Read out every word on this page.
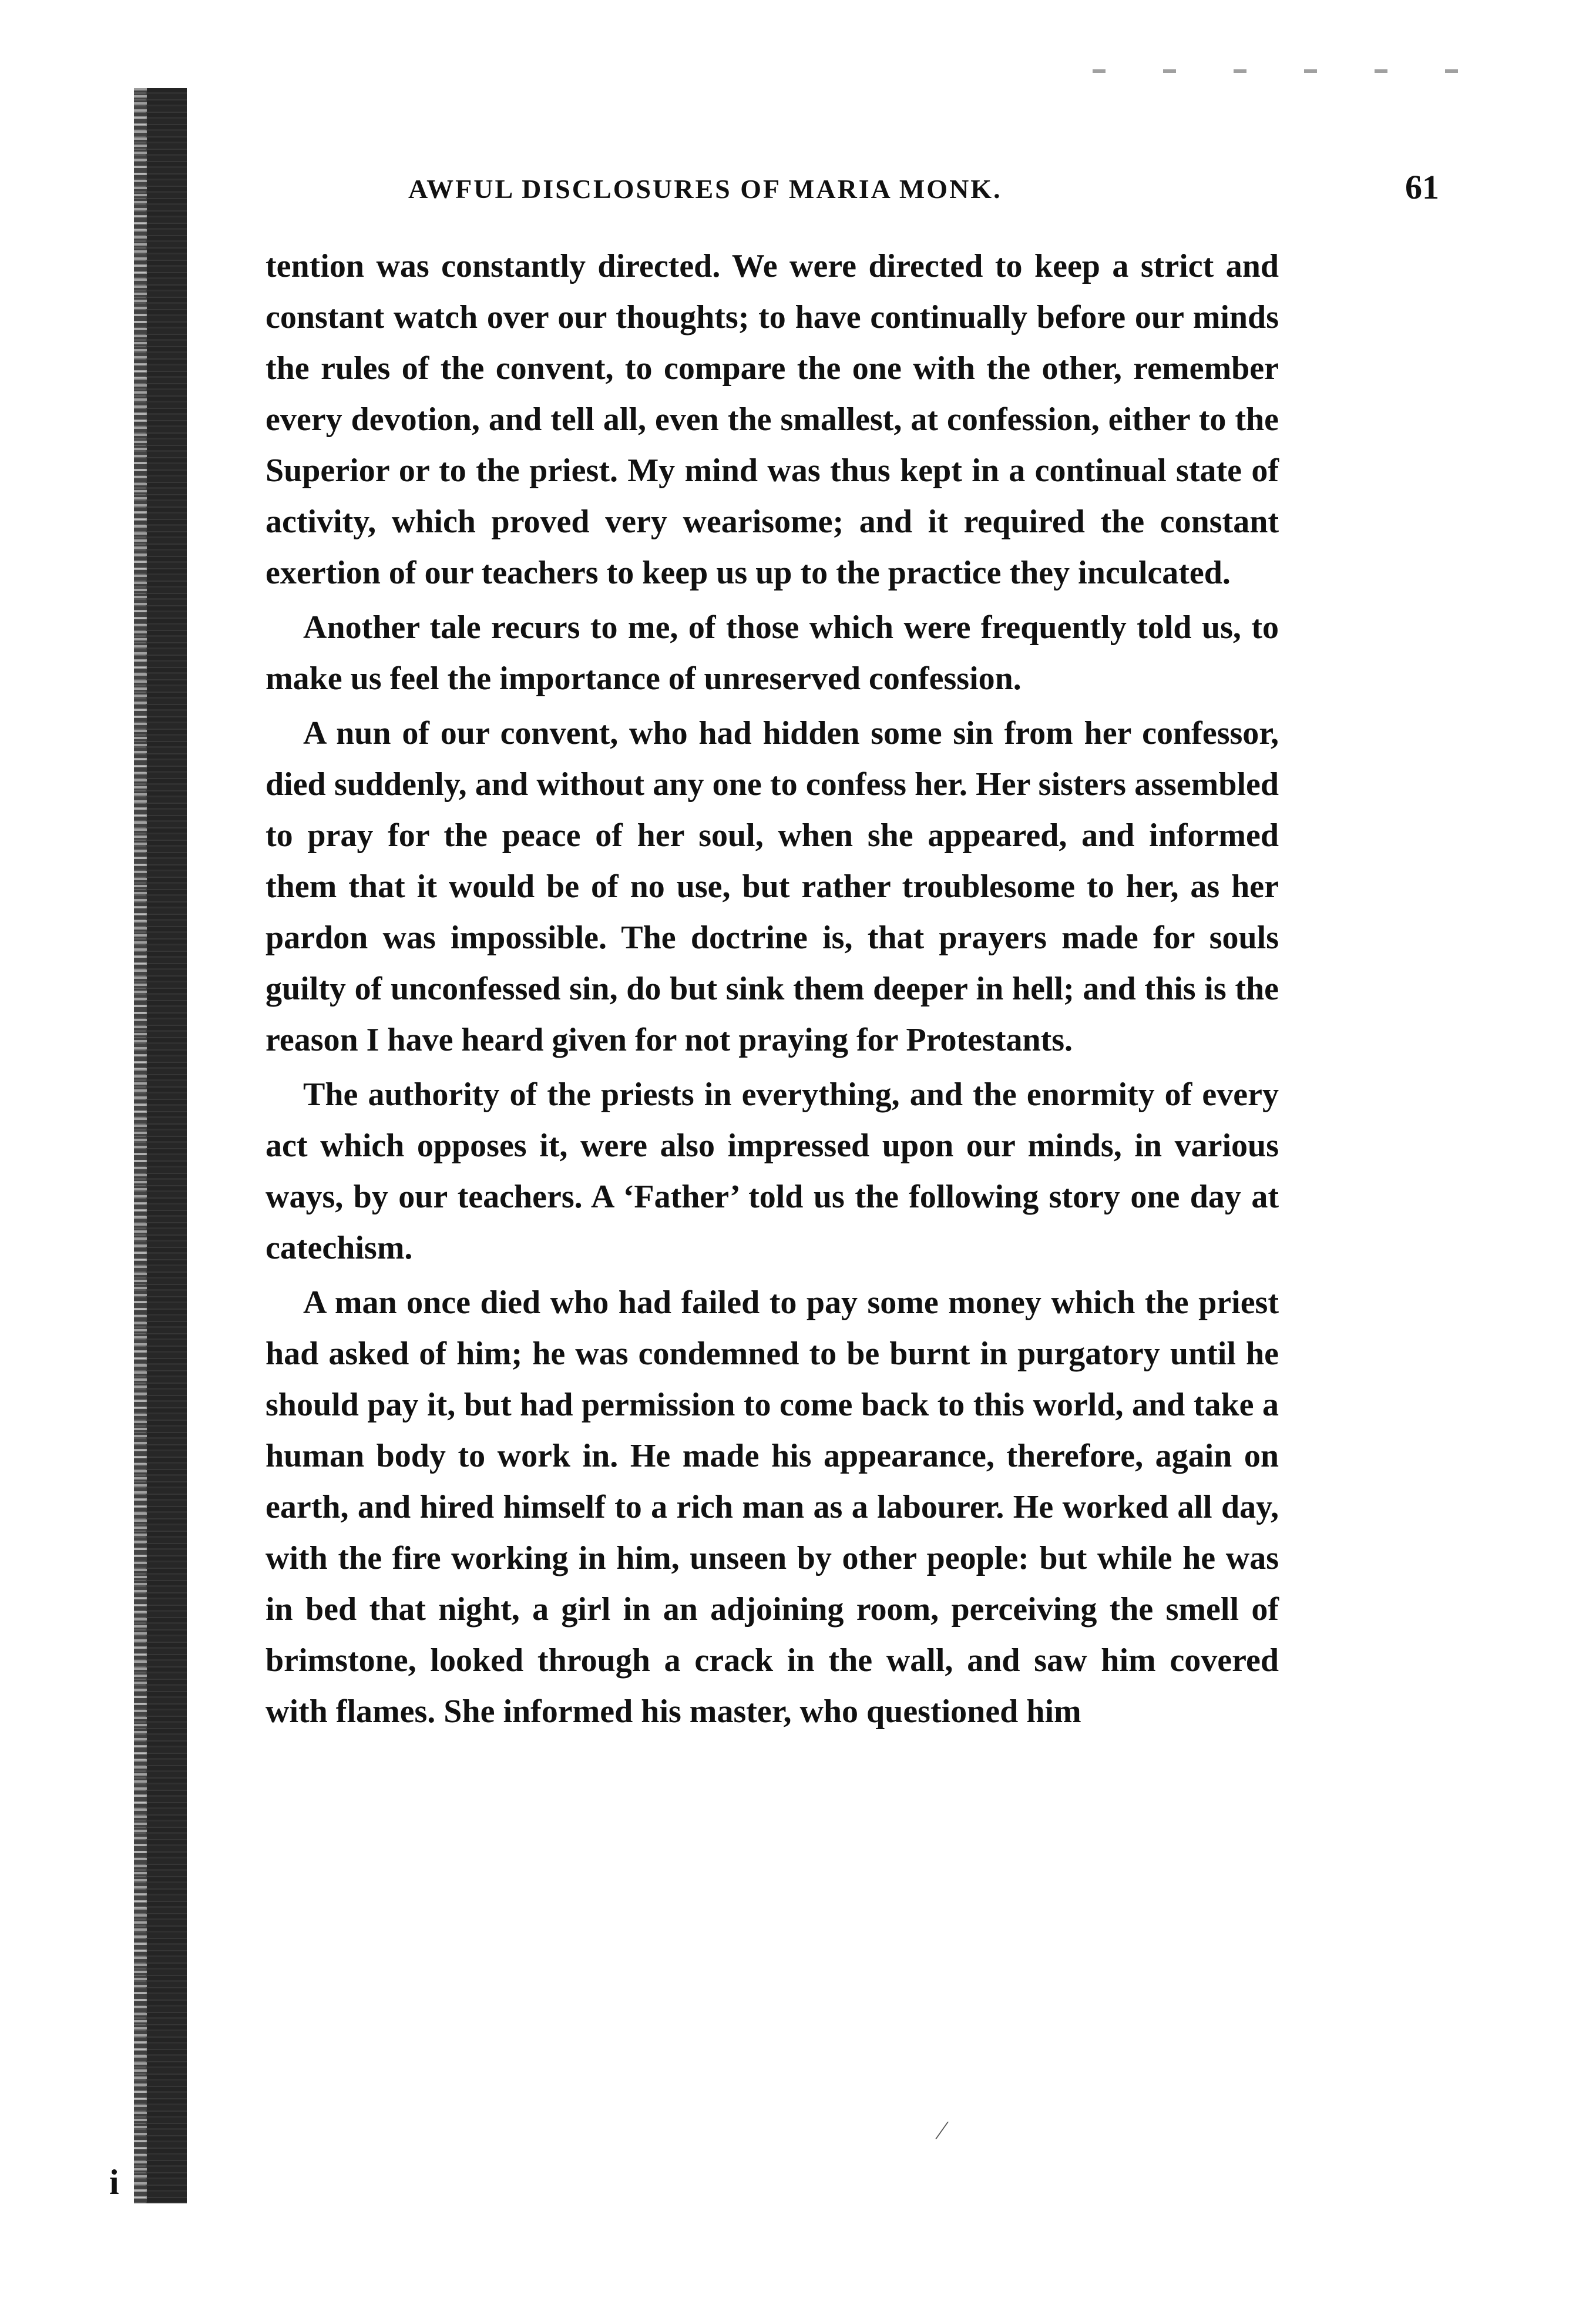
AWFUL DISCLOSURES OF MARIA MONK.	61

tention was constantly directed. We were directed to keep a strict and constant watch over our thoughts; to have continually before our minds the rules of the convent, to compare the one with the other, remember every devotion, and tell all, even the smallest, at confession, either to the Superior or to the priest. My mind was thus kept in a continual state of activity, which proved very wearisome; and it required the constant exertion of our teachers to keep us up to the practice they inculcated.

Another tale recurs to me, of those which were frequently told us, to make us feel the importance of unreserved confession.

A nun of our convent, who had hidden some sin from her confessor, died suddenly, and without any one to confess her. Her sisters assembled to pray for the peace of her soul, when she appeared, and informed them that it would be of no use, but rather troublesome to her, as her pardon was impossible. The doctrine is, that prayers made for souls guilty of unconfessed sin, do but sink them deeper in hell; and this is the reason I have heard given for not praying for Protestants.

The authority of the priests in everything, and the enormity of every act which opposes it, were also impressed upon our minds, in various ways, by our teachers. A ‘Father’ told us the following story one day at catechism.

A man once died who had failed to pay some money which the priest had asked of him; he was condemned to be burnt in purgatory until he should pay it, but had permission to come back to this world, and take a human body to work in. He made his appearance, therefore, again on earth, and hired himself to a rich man as a labourer. He worked all day, with the fire working in him, unseen by other people: but while he was in bed that night, a girl in an adjoining room, perceiving the smell of brimstone, looked through a crack in the wall, and saw him covered with flames. She informed his master, who questioned him

i
⁄
